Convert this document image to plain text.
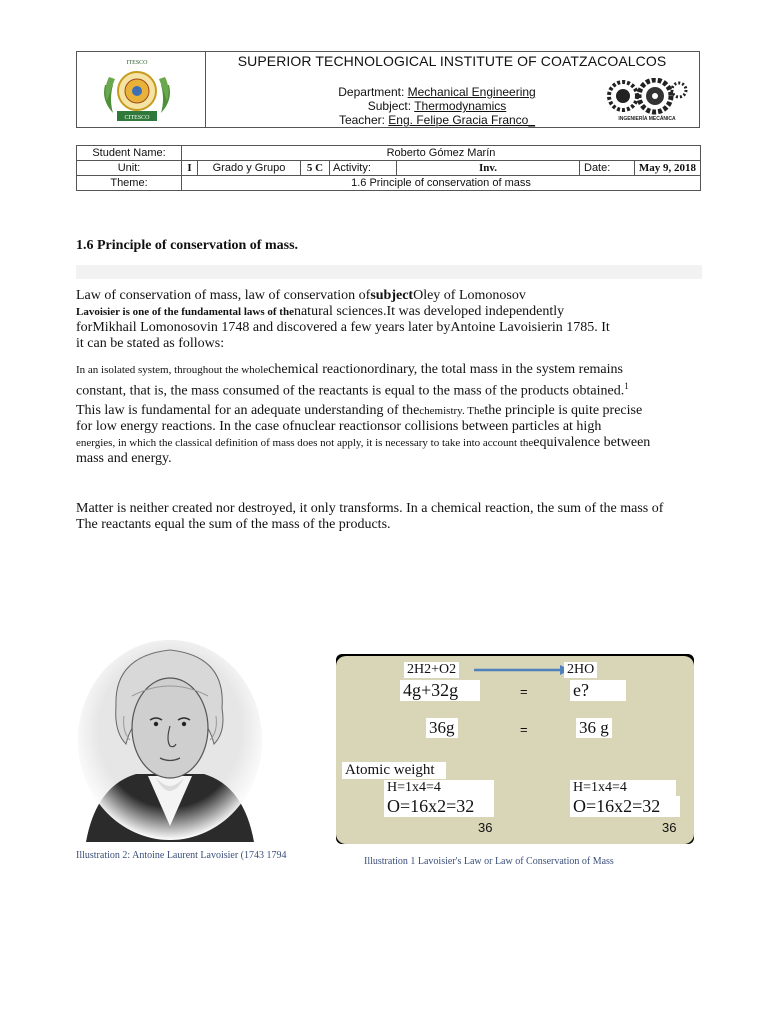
ITESCO
CITESCO
SUPERIOR TECHNOLOGICAL INSTITUTE OF COATZACOALCOS
Department: Mechanical Engineering
Subject: Thermodynamics
Teacher: Eng. Felipe Gracia Franco_	INGENIERÍA MECÁNICA
Student Name:	Roberto Gómez Marín					
Unit:	I	Grado y Grupo	5 C	Activity:	Inv.	Date: May 9, 2018

Theme:	1.6 Principle of conservation of mass					
1.6 Principle of conservation of mass.
Law of conservation of mass, law of conservation ofsubjectOley of Lomonosov
Lavoisier is one of the fundamental laws of thenatural sciences.It was developed independently
forMikhail Lomonosovin 1748 and discovered a few years later byAntoine Lavoisierin 1785. It
it can be stated as follows:
In an isolated system, throughout the wholechemical reactionordinary, the total mass in the system remains
constant, that is, the mass consumed of the reactants is equal to the mass of the products obtained.$^1$
This law is fundamental for an adequate understanding of thechemistry. Thethe principle is quite precise
for low energy reactions. In the case ofnuclear reactionsor collisions between particles at high
energies, in which the classical definition of mass does not apply, it is necessary to take into account theequivalence between
mass and energy.
Matter is neither created nor destroyed, it only transforms. In a chemical reaction, the sum of the mass of
The reactants equal the sum of the mass of the products.
Illustration 2: Antoine Laurent Lavoisier (1743 1794
2H2+O2	2HO
4g+32g	=	e?
36g	=	36 g
Atomic weight
H=1x4=4
O=16x2=32
36
H=1x4=4
O=16x2=32
36
Illustration 1 Lavoisier's Law or Law of Conservation of Mass
